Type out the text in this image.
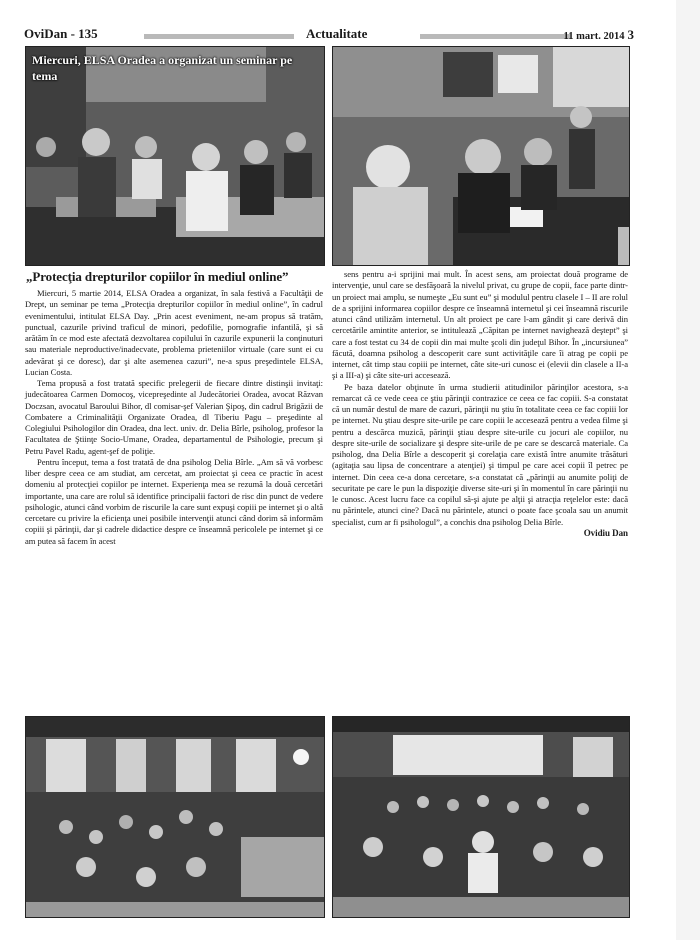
OviDan - 135	Actualitate	11 mart. 2014 3
Miercuri, ELSA Oradea a organizat un seminar pe tema
„Protecţia drepturilor copiilor în mediul online”

Miercuri, 5 martie 2014, ELSA Oradea a organizat, în sala festivă a Facultăţii de Drept, un seminar pe tema „Protecţia drepturilor copiilor în mediul online”, în cadrul evenimentului, intitulat ELSA Day. „Prin acest eveniment, ne-am propus să tratăm, punctual, cazurile privind traficul de minori, pedofilie, pornografie infantilă, şi să arătăm în ce mod este afectată dezvoltarea copilului în cazurile expunerii la conţinuturi sau materiale neproductive/inadecvate, problema prieteniilor virtuale (care sunt ei cu adevărat şi ce doresc), dar şi alte asemenea cazuri”, ne-a spus preşedintele ELSA, Lucian Costa.

Tema propusă a fost tratată specific prelegerii de fiecare dintre distinşii invitaţi: judecătoarea Carmen Domocoş, vicepreşedinte al Judecătoriei Oradea, avocat Răzvan Doczsan, avocatul Baroului Bihor, dl comisar-şef Valerian Şipoş, din cadrul Brigăzii de Combatere a Criminalităţii Organizate Oradea, dl Tiberiu Pagu – preşedinte al Colegiului Psihologilor din Oradea, dna lect. univ. dr. Delia Bîrle, psiholog, profesor la Facultatea de Ştiinţe Socio-Umane, Oradea, departamentul de Psihologie, precum şi Petru Pavel Radu, agent-şef de poliţie.

Pentru început, tema a fost tratată de dna psiholog Delia Bîrle. „Am să vă vorbesc liber despre ceea ce am studiat, am cercetat, am proiectat şi ceea ce practic în acest domeniu al protecţiei copiilor pe internet. Experienţa mea se rezumă la două cercetări importante, una care are rolul să identifice principalii factori de risc din punct de vedere psihologic, atunci când vorbim de riscurile la care sunt expuşi copiii pe internet şi o altă cercetare cu privire la eficienţa unei posibile intervenţii atunci când dorim să informăm copiii şi părinţii, dar şi cadrele didactice despre ce înseamnă pericolele pe internet şi ce am putea să facem în acest

sens pentru a-i sprijini mai mult. În acest sens, am proiectat două programe de intervenţie, unul care se desfăşoară la nivelul privat, cu grupe de copii, face parte dintr-un proiect mai amplu, se numeşte „Eu sunt eu” şi modulul pentru clasele I – II are rolul de a sprijini informarea copiilor despre ce înseamnă internetul şi cei înseamnă riscurile atunci când utilizăm internetul. Un alt proiect pe care l-am gândit şi care derivă din cercetările amintite anterior, se intitulează „Căpitan pe internet navighează deştept” şi care a fost testat cu 34 de copii din mai multe şcoli din judeţul Bihor. În „incursiunea” făcută, doamna psiholog a descoperit care sunt activităţile care îi atrag pe copii pe internet, cât timp stau copiii pe internet, câte site-uri cunosc ei (elevii din clasele a II-a şi a III-a) şi câte site-uri accesează.

Pe baza datelor obţinute în urma studierii atitudinilor părinţilor acestora, s-a remarcat că ce vede ceea ce ştiu părinţii contrazice ce ceea ce fac copiii. S-a constatat că un număr destul de mare de cazuri, părinţii nu ştiu în totalitate ceea ce fac copiii lor pe internet. Nu ştiau despre site-urile pe care copiii le accesează pentru a vedea filme şi pentru a descărca muzică, părinţii ştiau despre site-urile cu jocuri ale copiilor, nu despre site-urile de socializare şi despre site-urile de pe care se descarcă materiale. Ca psiholog, dna Delia Bîrle a descoperit şi corelaţia care există între anumite trăsături (agitaţia sau lipsa de concentrare a atenţiei) şi timpul pe care acei copii îl petrec pe internet. Din ceea ce-a dona cercetare, s-a constatat că „părinţii au anumite poliţi de securitate pe care le pun la dispoziţie diverse site-uri şi în momentul în care părinţii nu le cunosc. Acest lucru face ca copilul să-şi ajute pe alţii şi atracţia reţelelor este: dacă nu părintele, atunci cine? Dacă nu părintele, atunci o poate face şcoala sau un anumit specialist, cum ar fi psihologul”, a conchis dna psiholog Delia Bîrle.

Ovidiu Dan
